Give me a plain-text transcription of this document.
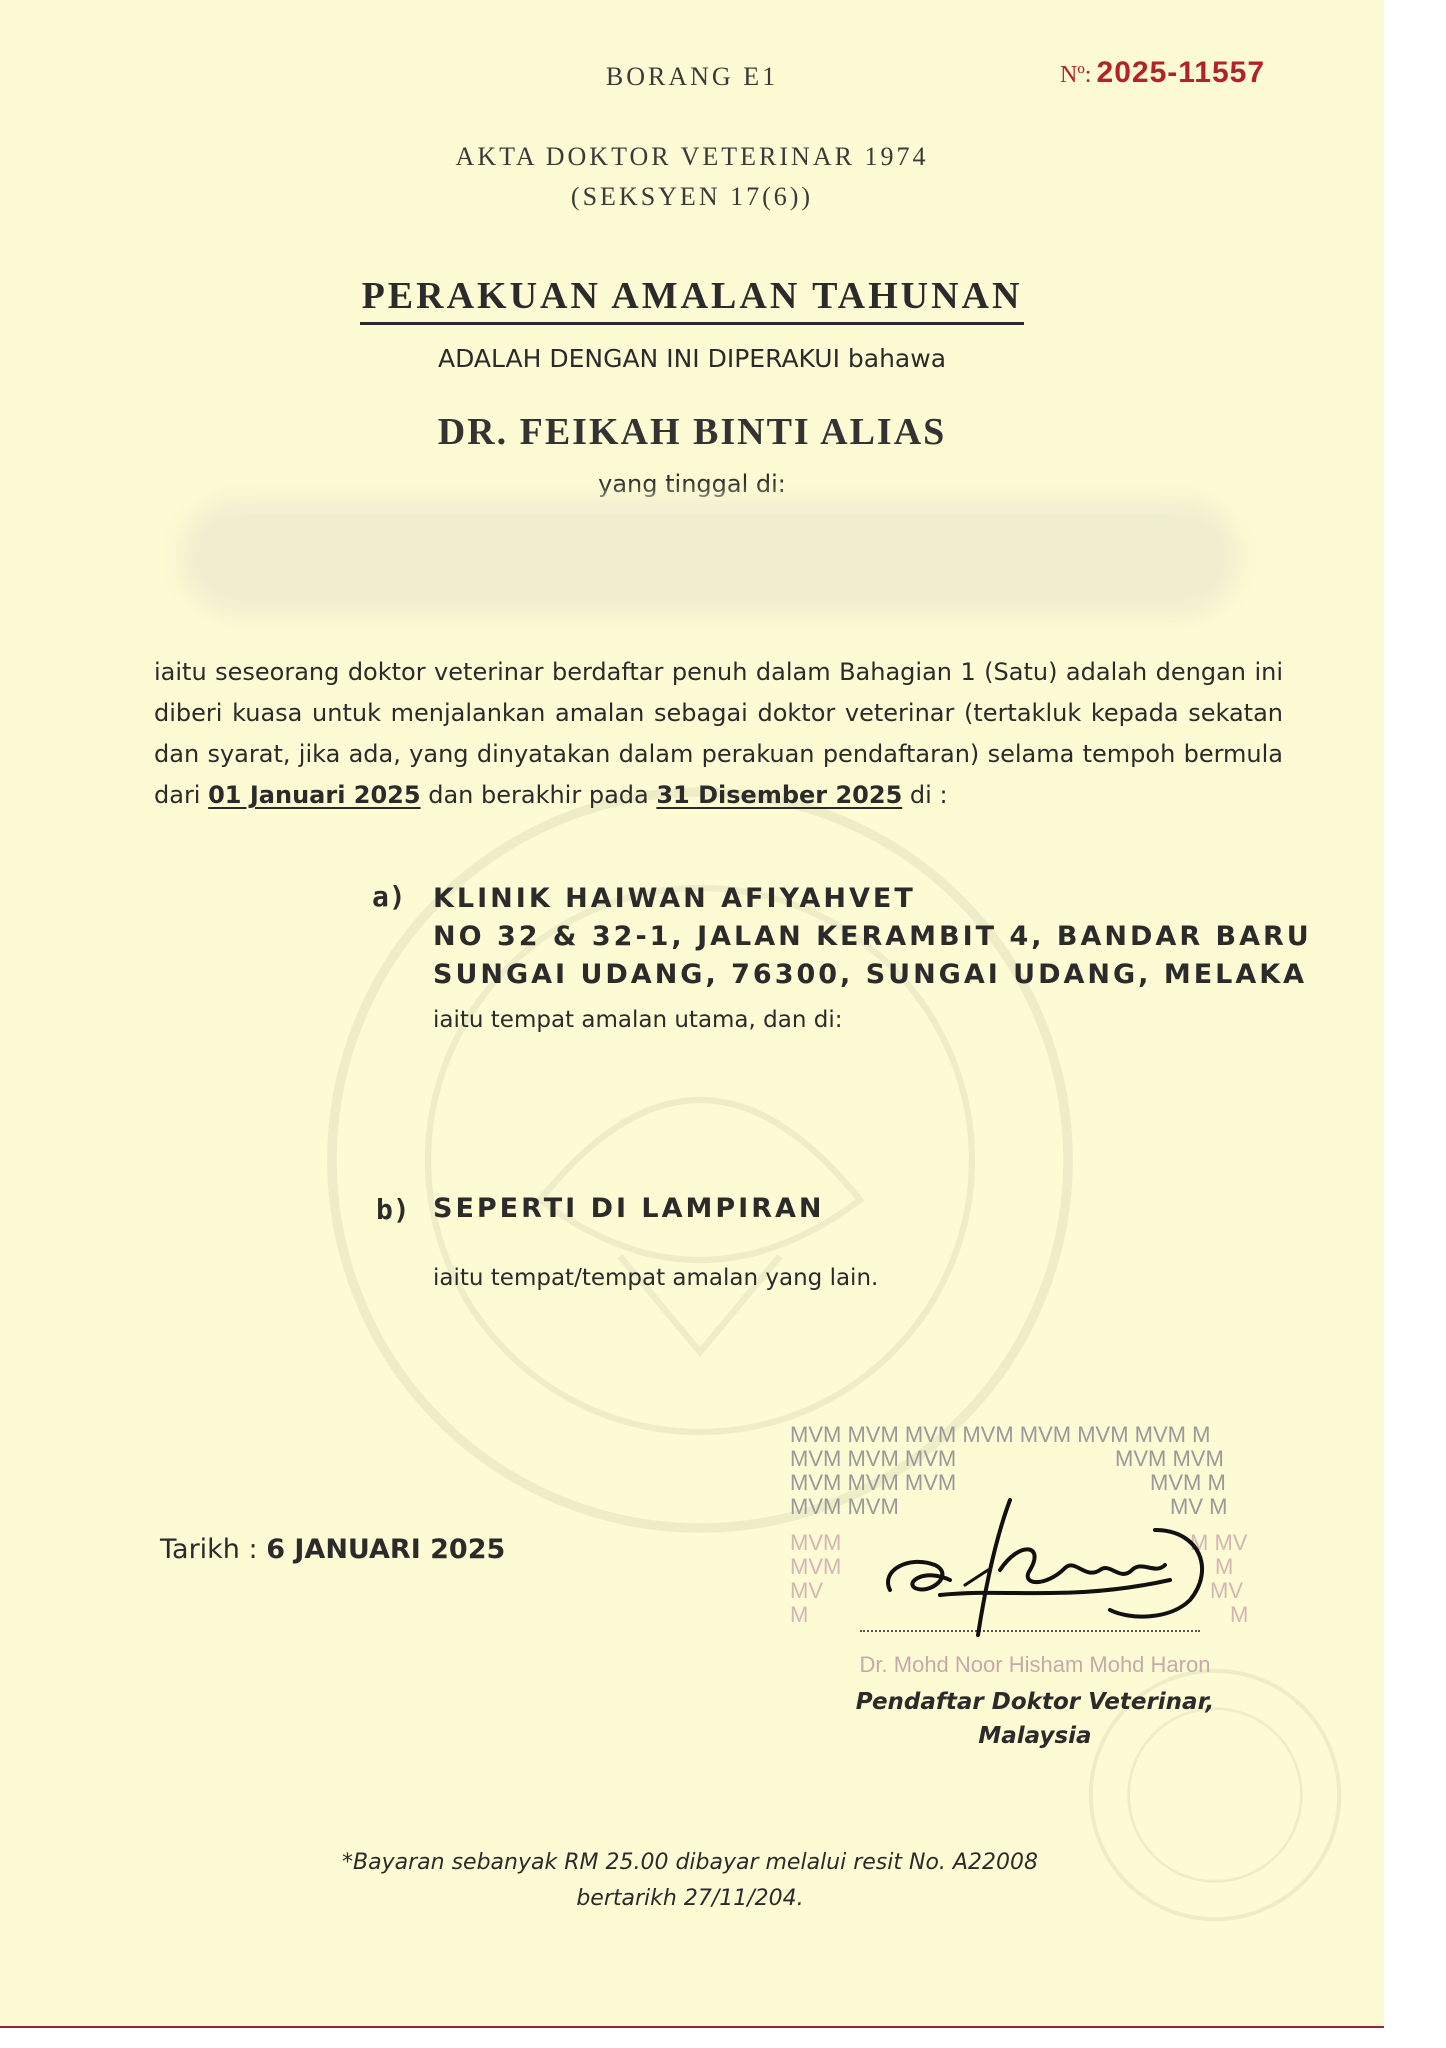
BORANG E1	Nº: 2025-11557
AKTA DOKTOR VETERINAR 1974
(SEKSYEN 17(6))
PERAKUAN AMALAN TAHUNAN
ADALAH DENGAN INI DIPERAKUI bahawa
DR. FEIKAH BINTI ALIAS
yang tinggal di:
iaitu seseorang doktor veterinar berdaftar penuh dalam Bahagian 1 (Satu) adalah dengan ini diberi kuasa untuk menjalankan amalan sebagai doktor veterinar (tertakluk kepada sekatan dan syarat, jika ada, yang dinyatakan dalam perakuan pendaftaran) selama tempoh bermula dari 01 Januari 2025 dan berakhir pada 31 Disember 2025 di :
a) KLINIK HAIWAN AFIYAHVET
NO 32 & 32-1, JALAN KERAMBIT 4, BANDAR BARU
SUNGAI UDANG, 76300, SUNGAI UDANG, MELAKA
iaitu tempat amalan utama, dan di:
b) SEPERTI DI LAMPIRAN
iaitu tempat/tempat amalan yang lain.
Tarikh : 6 JANUARI 2025
MVM MVM MVM MVM MVM MVM MVM M
MVM MVM MVM	MVM MVM
MVM MVM MVM	MVM M
MVM MVM	MV M
MVM
MVM
MV
M
M MV
M
MV
M
Dr. Mohd Noor Hisham Mohd Haron
Pendaftar Doktor Veterinar,
Malaysia
*Bayaran sebanyak RM 25.00 dibayar melalui resit No. A22008
bertarikh 27/11/204.
